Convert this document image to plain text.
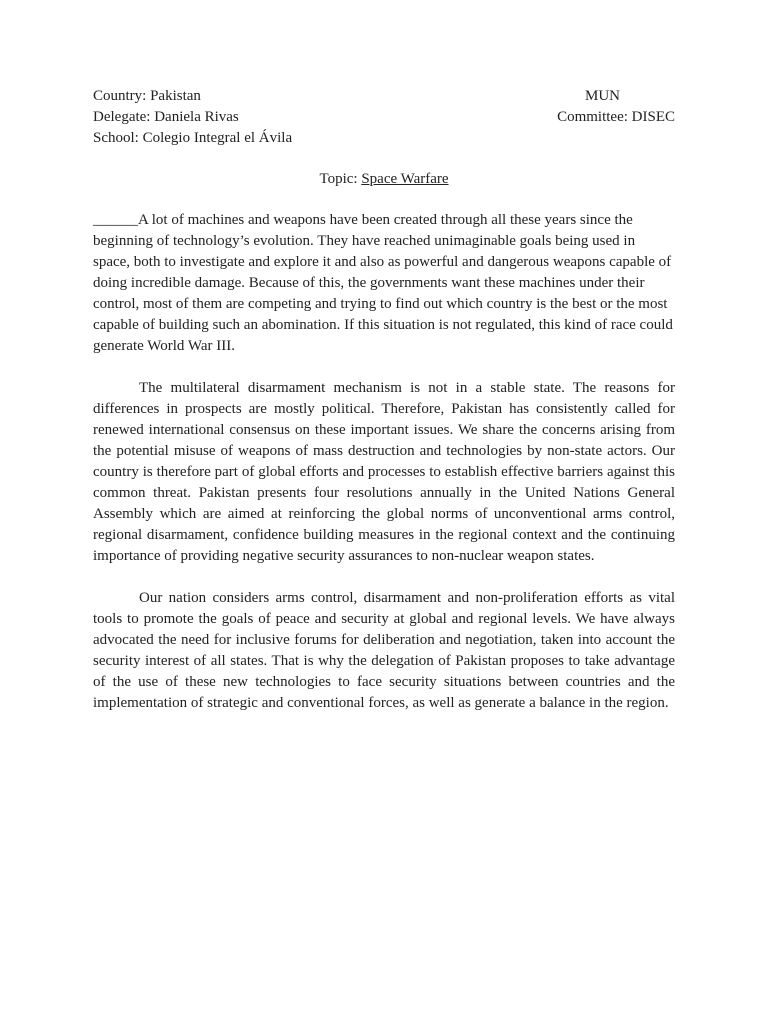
Country: Pakistan	MUN
Delegate: Daniela Rivas	Committee: DISEC
School: Colegio Integral el Ávila
Topic: Space Warfare

______A lot of machines and weapons have been created through all these years since the beginning of technology’s evolution. They have reached unimaginable goals being used in space, both to investigate and explore it and also as powerful and dangerous weapons capable of doing incredible damage. Because of this, the governments want these machines under their control, most of them are competing and trying to find out which country is the best or the most capable of building such an abomination. If this situation is not regulated, this kind of race could generate World War III.

The multilateral disarmament mechanism is not in a stable state. The reasons for differences in prospects are mostly political. Therefore, Pakistan has consistently called for renewed international consensus on these important issues. We share the concerns arising from the potential misuse of weapons of mass destruction and technologies by non-state actors. Our country is therefore part of global efforts and processes to establish effective barriers against this common threat. Pakistan presents four resolutions annually in the United Nations General Assembly which are aimed at reinforcing the global norms of unconventional arms control, regional disarmament, confidence building measures in the regional context and the continuing importance of providing negative security assurances to non-nuclear weapon states.

Our nation considers arms control, disarmament and non-proliferation efforts as vital tools to promote the goals of peace and security at global and regional levels. We have always advocated the need for inclusive forums for deliberation and negotiation, taken into account the security interest of all states. That is why the delegation of Pakistan proposes to take advantage of the use of these new technologies to face security situations between countries and the implementation of strategic and conventional forces, as well as generate a balance in the region.
